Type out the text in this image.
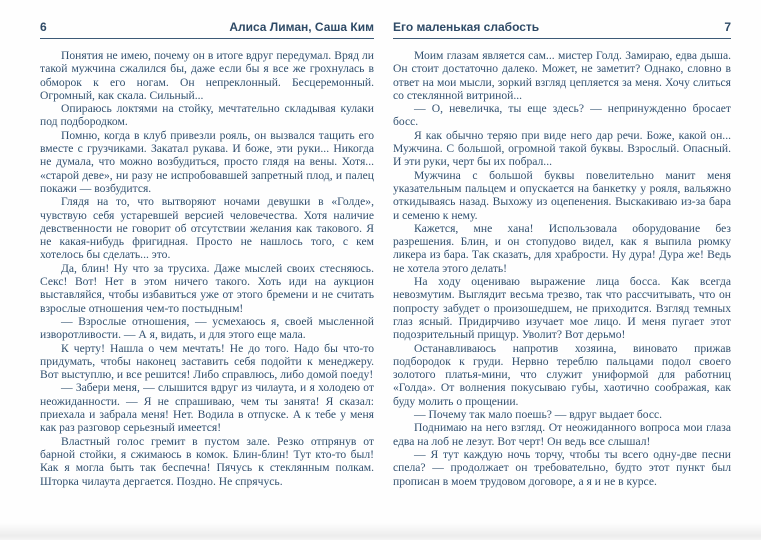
6	Алиса Лиман, Саша Ким

Понятия не имею, почему он в итоге вдруг передумал. Вряд ли такой мужчина сжалился бы, даже если бы я все же грохнулась в обморок к его ногам. Он непреклонный. Бесцеремонный. Огромный, как скала. Сильный...

Опираюсь локтями на стойку, мечтательно складывая кулаки под подбородком.

Помню, когда в клуб привезли рояль, он вызвался тащить его вместе с грузчиками. Закатал рукава. И боже, эти руки... Никогда не думала, что можно возбудиться, просто глядя на вены. Хотя... «старой деве», ни разу не испробовавшей запретный плод, и палец покажи — возбудится.

Глядя на то, что вытворяют ночами девушки в «Голде», чувствую себя устаревшей версией человечества. Хотя наличие девственности не говорит об отсутствии желания как такового. Я не какая-нибудь фригидная. Просто не нашлось того, с кем хотелось бы сделать... это.

Да, блин! Ну что за трусиха. Даже мыслей своих стесняюсь. Секс! Вот! Нет в этом ничего такого. Хоть иди на аукцион выставляйся, чтобы избавиться уже от этого бремени и не считать взрослые отношения чем-то постыдным!

— Взрослые отношения, — усмехаюсь я, своей мысленной изворотливости. — А я, видать, и для этого еще мала.

К черту! Нашла о чем мечтать! Не до того. Надо бы что-то придумать, чтобы наконец заставить себя подойти к менеджеру. Вот выступлю, и все решится! Либо справлюсь, либо домой поеду!

— Забери меня, — слышится вдруг из чилаута, и я холодею от неожиданности. — Я не спрашиваю, чем ты занята! Я сказал: приехала и забрала меня! Нет. Водила в отпуске. А к тебе у меня как раз разговор серьезный имеется!

Властный голос гремит в пустом зале. Резко отпрянув от барной стойки, я сжимаюсь в комок. Блин-блин! Тут кто-то был! Как я могла быть так беспечна! Пячусь к стеклянным полкам. Шторка чилаута дергается. Поздно. Не спрячусь.

Его маленькая слабость	7

Моим глазам является сам... мистер Голд. Замираю, едва дыша. Он стоит достаточно далеко. Может, не заметит? Однако, словно в ответ на мои мысли, зоркий взгляд цепляется за меня. Хочу слиться со стеклянной витриной...

— О, невеличка, ты еще здесь? — непринужденно бросает босс.

Я как обычно теряю при виде него дар речи. Боже, какой он... Мужчина. С большой, огромной такой буквы. Взрослый. Опасный. И эти руки, черт бы их побрал...

Мужчина с большой буквы повелительно манит меня указательным пальцем и опускается на банкетку у рояля, вальяжно откидываясь назад. Выхожу из оцепенения. Выскакиваю из-за бара и семеню к нему.

Кажется, мне хана! Использовала оборудование без разрешения. Блин, и он стопудово видел, как я выпила рюмку ликера из бара. Так сказать, для храбрости. Ну дура! Дура же! Ведь не хотела этого делать!

На ходу оцениваю выражение лица босса. Как всегда невозмутим. Выглядит весьма трезво, так что рассчитывать, что он попросту забудет о произошедшем, не приходится. Взгляд темных глаз ясный. Придирчиво изучает мое лицо. И меня пугает этот подозрительный прищур. Уволит? Вот дерьмо!

Останавливаюсь напротив хозяина, виновато прижав подбородок к груди. Нервно тереблю пальцами подол своего золотого платья-мини, что служит униформой для работниц «Голда». От волнения покусываю губы, хаотично соображая, как буду молить о прощении.

— Почему так мало поешь? — вдруг выдает босс.

Поднимаю на него взгляд. От неожиданного вопроса мои глаза едва на лоб не лезут. Вот черт! Он ведь все слышал!

— Я тут каждую ночь торчу, чтобы ты всего одну-две песни спела? — продолжает он требовательно, будто этот пункт был прописан в моем трудовом договоре, а я и не в курсе.
